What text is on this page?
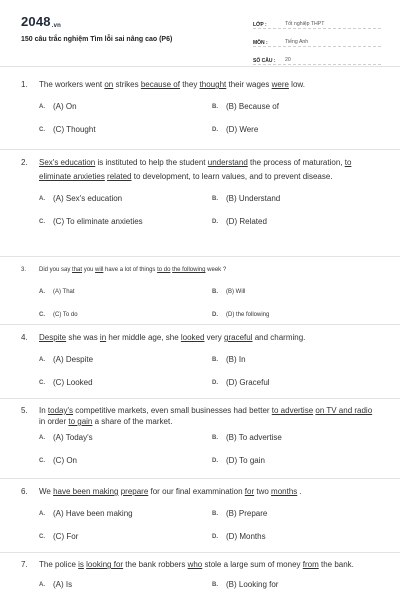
2048.vn
150 câu trắc nghiệm Tìm lỗi sai nâng cao (P6)
LỚP :	Tốt nghiệp THPT
MÔN :	Tiếng Anh
SỐ CÂU :	20
1.	The workers went on strikes because of they thought their wages were low.
A.	(A) On	B.	(B) Because of
C.	(C) Thought	D.	(D) Were
2.	Sex's education is instituted to help the student understand the process of maturation, to eliminate anxieties related to development, to learn values, and to prevent disease.
A.	(A) Sex's education	B.	(B) Understand
C.	(C) To eliminate anxieties	D.	(D) Related
3.	Did you say that you will have a lot of things to do the following week ?
A.	(A) That	B.	(B) Will
C.	(C) To do	D.	(D) the following
4.	Despite she was in her middle age, she looked very graceful and charming.
A.	(A) Despite	B.	(B) In
C.	(C) Looked	D.	(D) Graceful
5.	In today's competitive markets, even small businesses had better to advertise on TV and radio in order to gain a share of the market.
A.	(A) Today's	B.	(B) To advertise
C.	(C) On	D.	(D) To gain
6.	We have been making prepare for our final exammination for two months .
A.	(A) Have been making	B.	(B) Prepare
C.	(C) For	D.	(D) Months
7.	The police is looking for the bank robbers who stole a large sum of money from the bank.
A.	(A) Is	B.	(B) Looking for
